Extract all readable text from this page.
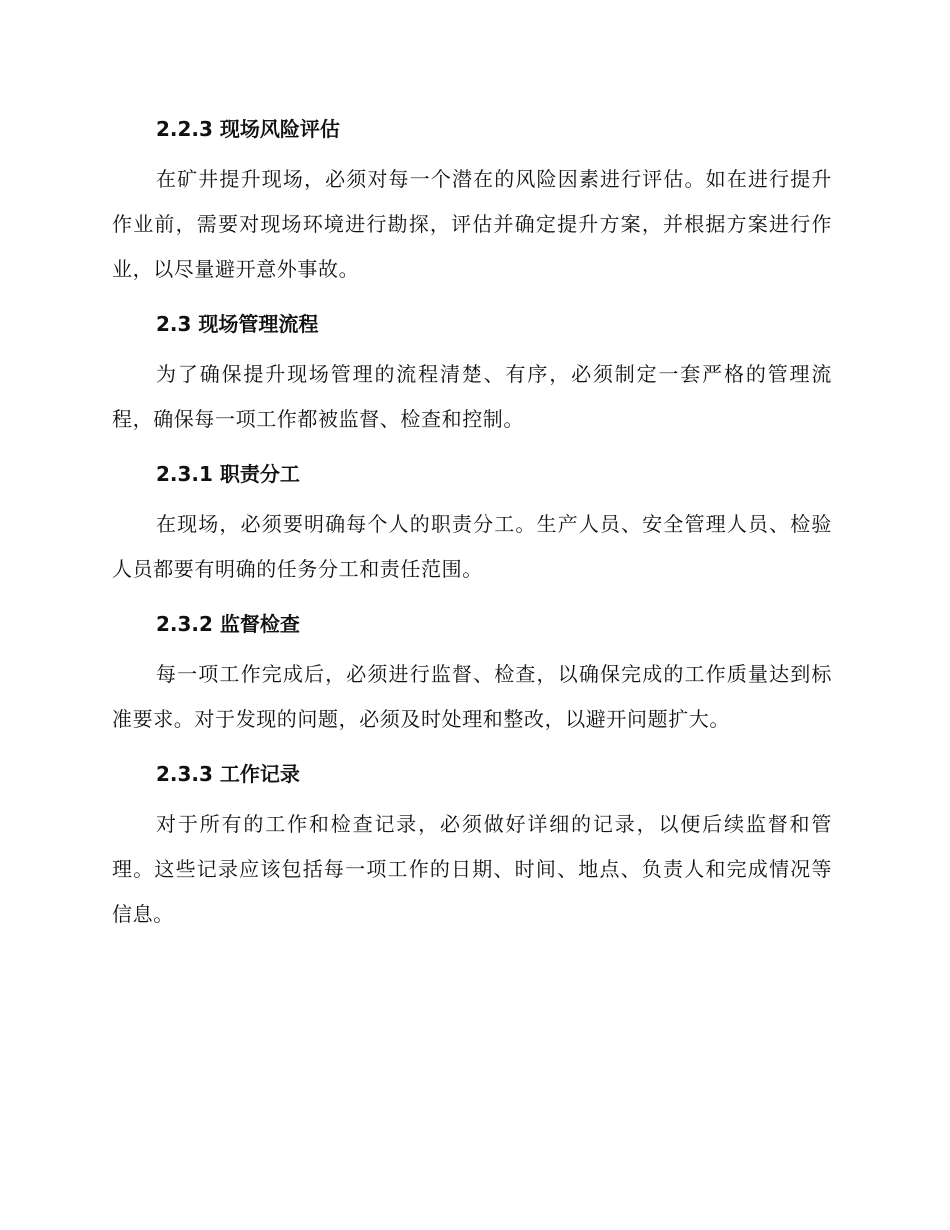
2.2.3 现场风险评估

在矿井提升现场，必须对每一个潜在的风险因素进行评估。如在进行提升作业前，需要对现场环境进行勘探，评估并确定提升方案，并根据方案进行作业，以尽量避开意外事故。

2.3 现场管理流程

为了确保提升现场管理的流程清楚、有序，必须制定一套严格的管理流程，确保每一项工作都被监督、检查和控制。

2.3.1 职责分工

在现场，必须要明确每个人的职责分工。生产人员、安全管理人员、检验人员都要有明确的任务分工和责任范围。

2.3.2 监督检查

每一项工作完成后，必须进行监督、检查，以确保完成的工作质量达到标准要求。对于发现的问题，必须及时处理和整改，以避开问题扩大。

2.3.3 工作记录

对于所有的工作和检查记录，必须做好详细的记录，以便后续监督和管理。这些记录应该包括每一项工作的日期、时间、地点、负责人和完成情况等信息。
